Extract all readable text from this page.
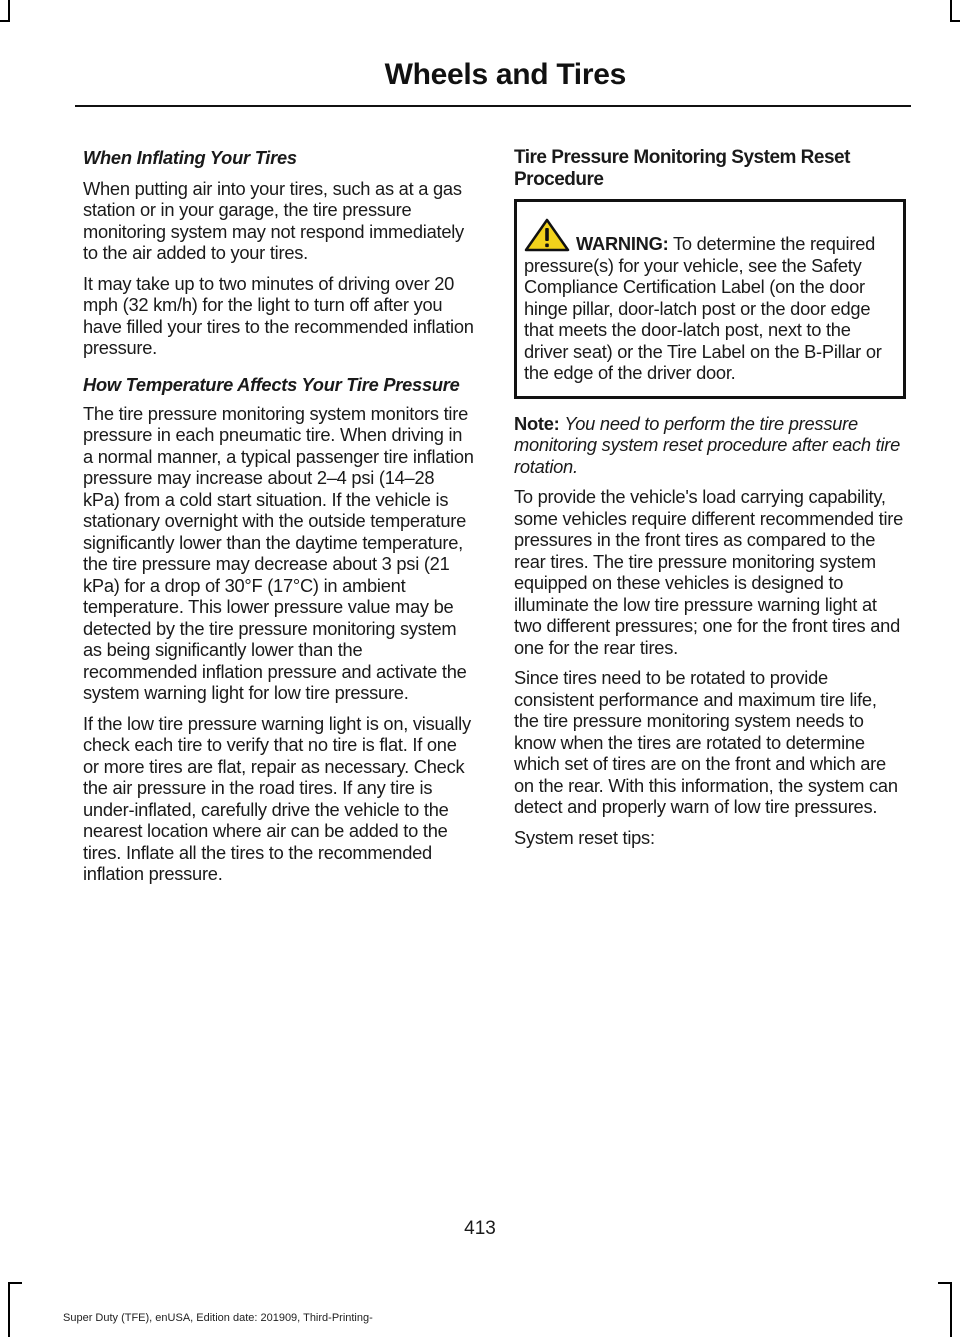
Wheels and Tires

When Inflating Your Tires

When putting air into your tires, such as at a gas station or in your garage, the tire pressure monitoring system may not respond immediately to the air added to your tires.

It may take up to two minutes of driving over 20 mph (32 km/h) for the light to turn off after you have filled your tires to the recommended inflation pressure.

How Temperature Affects Your Tire Pressure

The tire pressure monitoring system monitors tire pressure in each pneumatic tire. When driving in a normal manner, a typical passenger tire inflation pressure may increase about 2–4 psi (14–28 kPa) from a cold start situation. If the vehicle is stationary overnight with the outside temperature significantly lower than the daytime temperature, the tire pressure may decrease about 3 psi (21 kPa) for a drop of 30°F (17°C) in ambient temperature. This lower pressure value may be detected by the tire pressure monitoring system as being significantly lower than the recommended inflation pressure and activate the system warning light for low tire pressure.

If the low tire pressure warning light is on, visually check each tire to verify that no tire is flat. If one or more tires are flat, repair as necessary. Check the air pressure in the road tires. If any tire is under-inflated, carefully drive the vehicle to the nearest location where air can be added to the tires. Inflate all the tires to the recommended inflation pressure.

Tire Pressure Monitoring System Reset Procedure

WARNING: To determine the required pressure(s) for your vehicle, see the Safety Compliance Certification Label (on the door hinge pillar, door-latch post or the door edge that meets the door-latch post, next to the driver seat) or the Tire Label on the B-Pillar or the edge of the driver door.

Note: You need to perform the tire pressure monitoring system reset procedure after each tire rotation.

To provide the vehicle's load carrying capability, some vehicles require different recommended tire pressures in the front tires as compared to the rear tires. The tire pressure monitoring system equipped on these vehicles is designed to illuminate the low tire pressure warning light at two different pressures; one for the front tires and one for the rear tires.

Since tires need to be rotated to provide consistent performance and maximum tire life, the tire pressure monitoring system needs to know when the tires are rotated to determine which set of tires are on the front and which are on the rear. With this information, the system can detect and properly warn of low tire pressures.

System reset tips:

413
Super Duty (TFE), enUSA, Edition date: 201909, Third-Printing-
